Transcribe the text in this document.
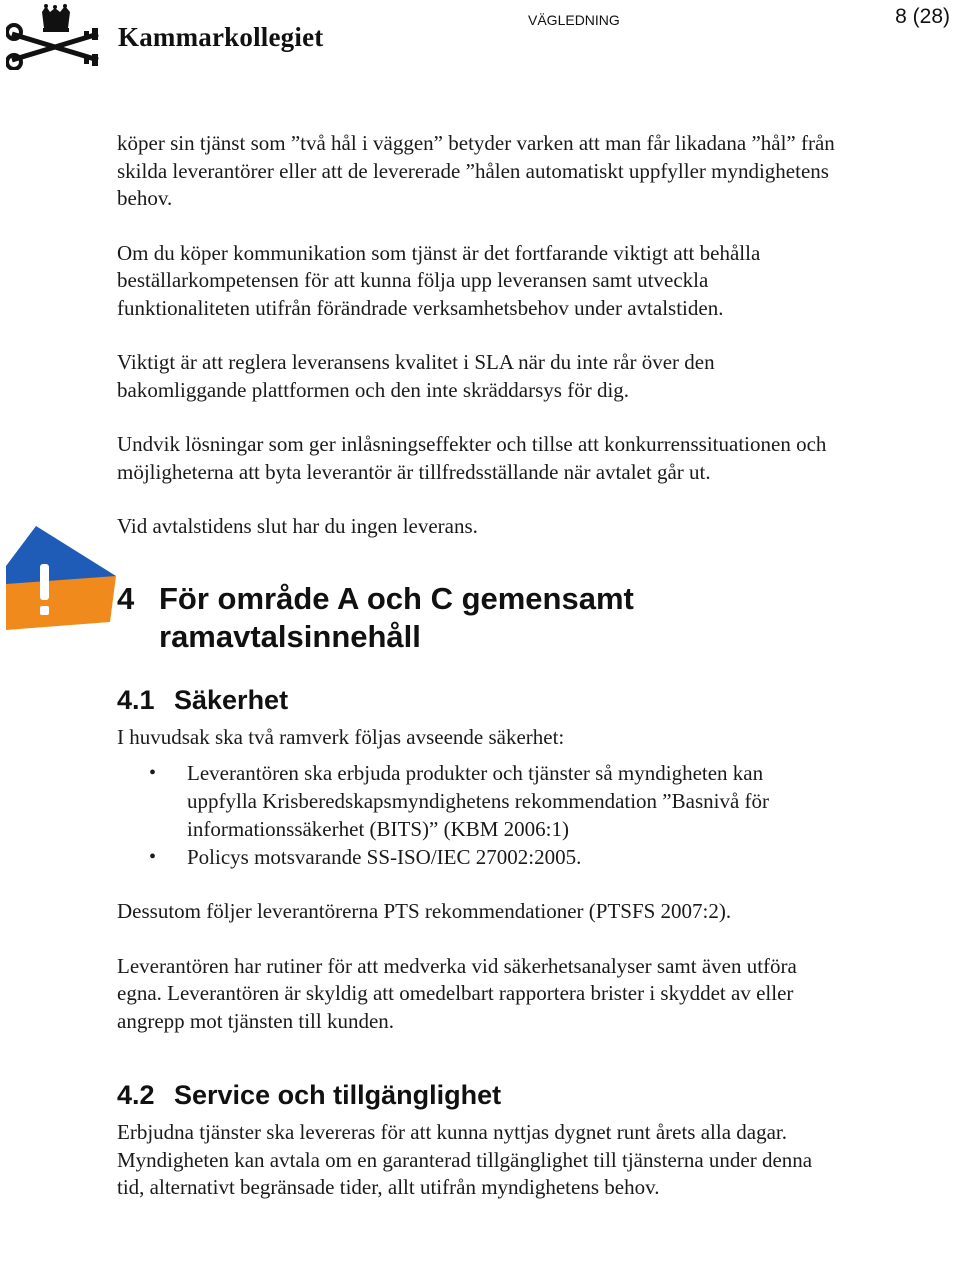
Kammarkollegiet
VÄGLEDNING	8 (28)

köper sin tjänst som ”två hål i väggen” betyder varken att man får likadana ”hål” från skilda leverantörer eller att de levererade ”hålen automatiskt uppfyller myndighetens behov.

Om du köper kommunikation som tjänst är det fortfarande viktigt att behålla beställarkompetensen för att kunna följa upp leveransen samt utveckla funktionaliteten utifrån förändrade verksamhetsbehov under avtalstiden.

Viktigt är att reglera leveransens kvalitet i SLA när du inte rår över den bakomliggande plattformen och den inte skräddarsys för dig.

Undvik lösningar som ger inlåsningseffekter och tillse att konkurrenssituationen och möjligheterna att byta leverantör är tillfredsställande när avtalet går ut.

Vid avtalstidens slut har du ingen leverans.

4 För område A och C gemensamt ramavtalsinnehåll
4.1 Säkerhet

I huvudsak ska två ramverk följas avseende säkerhet:

• Leverantören ska erbjuda produkter och tjänster så myndigheten kan uppfylla Krisberedskapsmyndighetens rekommendation ”Basnivå för informationssäkerhet (BITS)” (KBM 2006:1)
• Policys motsvarande SS-ISO/IEC 27002:2005.

Dessutom följer leverantörerna PTS rekommendationer (PTSFS 2007:2).

Leverantören har rutiner för att medverka vid säkerhetsanalyser samt även utföra egna. Leverantören är skyldig att omedelbart rapportera brister i skyddet av eller angrepp mot tjänsten till kunden.

4.2 Service och tillgänglighet

Erbjudna tjänster ska levereras för att kunna nyttjas dygnet runt årets alla dagar. Myndigheten kan avtala om en garanterad tillgänglighet till tjänsterna under denna tid, alternativt begränsade tider, allt utifrån myndighetens behov.
